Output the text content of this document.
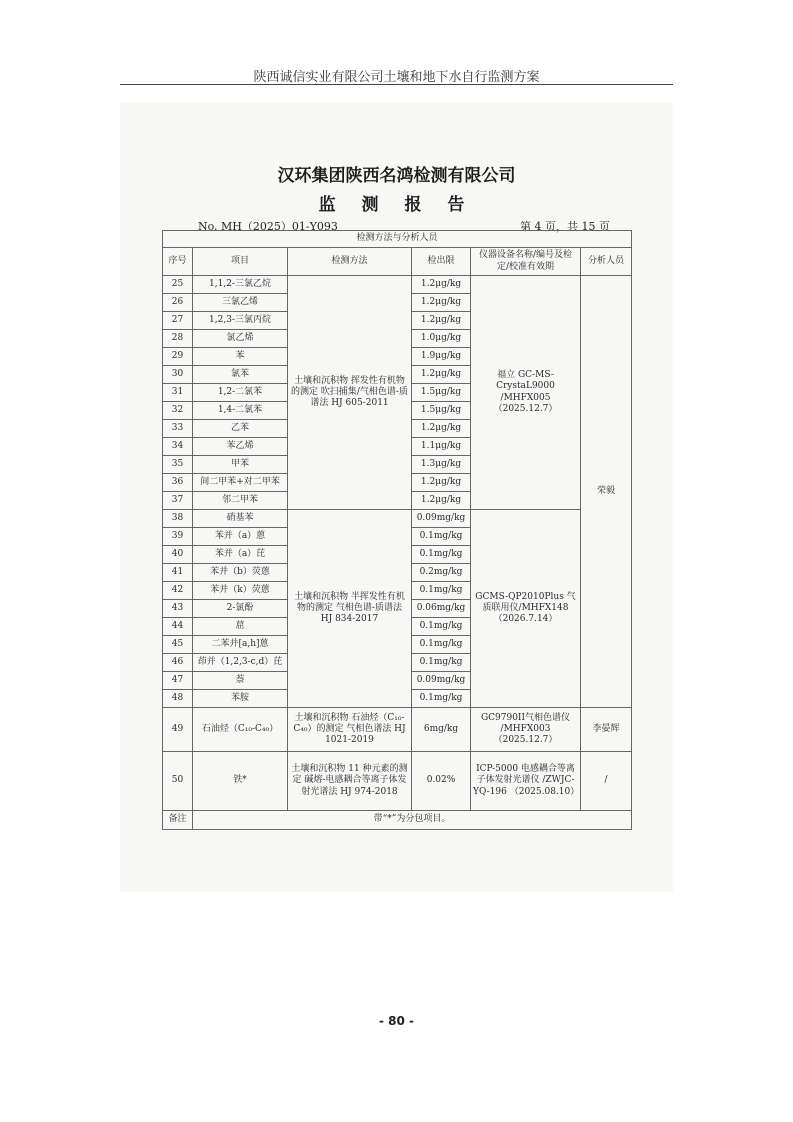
陕西诚信实业有限公司土壤和地下水自行监测方案
汉环集团陕西名鸿检测有限公司
监 测 报 告
No. MH（2025）01-Y093	第 4 页，共 15 页
检测方法与分析人员					
序号	项目	检测方法	检出限	仪器设备名称/编号及检定/校准有效期	分析人员
25	1,1,2-三氯乙烷	土壤和沉积物 挥发性有机物的测定 吹扫捕集/气相色谱-质谱法 HJ 605-2011	1.2μg/kg	福立 GC-MS-CrystaL9000 /MHFX005（2025.12.7）	荣毅
26	三氯乙烯		1.2μg/kg		
27	1,2,3-三氯丙烷		1.2μg/kg		
28	氯乙烯		1.0μg/kg		
29	苯		1.9μg/kg		
30	氯苯		1.2μg/kg		
31	1,2-二氯苯		1.5μg/kg		
32	1,4-二氯苯		1.5μg/kg		
33	乙苯		1.2μg/kg		
34	苯乙烯		1.1μg/kg		
35	甲苯		1.3μg/kg		
36	间二甲苯+对二甲苯		1.2μg/kg		
37	邻二甲苯		1.2μg/kg		
38	硝基苯	土壤和沉积物 半挥发性有机物的测定 气相色谱-质谱法 HJ 834-2017	0.09mg/kg	GCMS-QP2010Plus 气质联用仪/MHFX148 （2026.7.14）	
39	苯并（a）蒽		0.1mg/kg		
40	苯并（a）芘		0.1mg/kg		
41	苯并（b）荧蒽		0.2mg/kg		
42	苯并（k）荧蒽		0.1mg/kg		
43	2-氯酚		0.06mg/kg		
44	䓛		0.1mg/kg		
45	二苯并[a,h]蒽		0.1mg/kg		
46	茚并（1,2,3-c,d）芘		0.1mg/kg		
47	萘		0.09mg/kg		
48	苯胺		0.1mg/kg		
49	石油烃（C₁₀-C₄₀）	土壤和沉积物 石油烃（C₁₀-C₄₀）的测定 气相色谱法 HJ 1021-2019	6mg/kg	GC9790II气相色谱仪 /MHFX003（2025.12.7）	李晏辉
50	铁*	土壤和沉积物 11 种元素的测定 碱熔-电感耦合等离子体发射光谱法 HJ 974-2018	0.02%	ICP-5000 电感耦合等离子体发射光谱仪 /ZWJC-YQ-196 （2025.08.10）	/
备注	带“*”为分包项目。				
- 80 -
